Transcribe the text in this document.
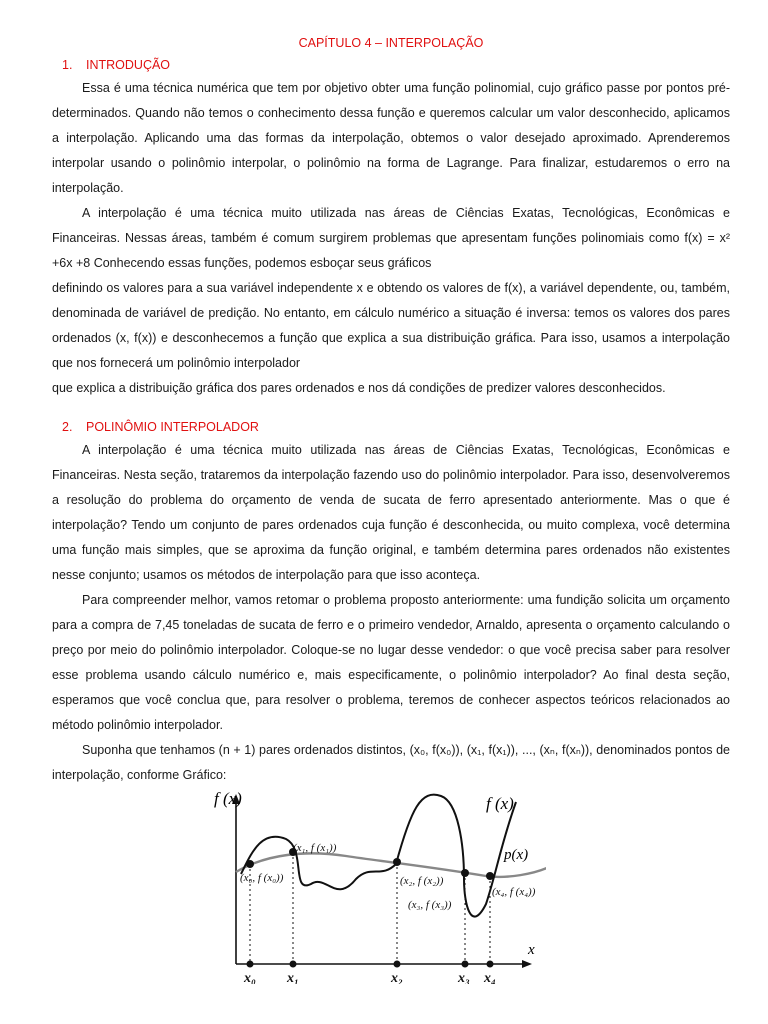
CAPÍTULO 4 – INTERPOLAÇÃO
1.	INTRODUÇÃO

Essa é uma técnica numérica que tem por objetivo obter uma função polinomial, cujo gráfico passe por pontos pré-determinados. Quando não temos o conhecimento dessa função e queremos calcular um valor desconhecido, aplicamos a interpolação. Aplicando uma das formas da interpolação, obtemos o valor desejado aproximado. Aprenderemos interpolar usando o polinômio interpolar, o polinômio na forma de Lagrange. Para finalizar, estudaremos o erro na interpolação.

A interpolação é uma técnica muito utilizada nas áreas de Ciências Exatas, Tecnológicas, Econômicas e Financeiras. Nessas áreas, também é comum surgirem problemas que apresentam funções polinomiais como f(x) = x² +6x +8 Conhecendo essas funções, podemos esboçar seus gráficos

definindo os valores para a sua variável independente x e obtendo os valores de f(x), a variável dependente, ou, também, denominada de variável de predição. No entanto, em cálculo numérico a situação é inversa: temos os valores dos pares ordenados (x, f(x)) e desconhecemos a função que explica a sua distribuição gráfica. Para isso, usamos a interpolação que nos fornecerá um polinômio interpolador

que explica a distribuição gráfica dos pares ordenados e nos dá condições de predizer valores desconhecidos.

2.	POLINÔMIO INTERPOLADOR

A interpolação é uma técnica muito utilizada nas áreas de Ciências Exatas, Tecnológicas, Econômicas e Financeiras. Nesta seção, trataremos da interpolação fazendo uso do polinômio interpolador. Para isso, desenvolveremos a resolução do problema do orçamento de venda de sucata de ferro apresentado anteriormente. Mas o que é interpolação? Tendo um conjunto de pares ordenados cuja função é desconhecida, ou muito complexa, você determina uma função mais simples, que se aproxima da função original, e também determina pares ordenados não existentes nesse conjunto; usamos os métodos de interpolação para que isso aconteça.

Para compreender melhor, vamos retomar o problema proposto anteriormente: uma fundição solicita um orçamento para a compra de 7,45 toneladas de sucata de ferro e o primeiro vendedor, Arnaldo, apresenta o orçamento calculando o preço por meio do polinômio interpolador. Coloque-se no lugar desse vendedor: o que você precisa saber para resolver esse problema usando cálculo numérico e, mais especificamente, o polinômio interpolador? Ao final desta seção, esperamos que você conclua que, para resolver o problema, teremos de conhecer aspectos teóricos relacionados ao método polinômio interpolador.

Suponha que tenhamos (n + 1) pares ordenados distintos, (x₀, f(x₀)), (x₁, f(x₁)), ..., (xₙ, f(xₙ)), denominados pontos de interpolação, conforme Gráfico:

f (x)
x
f (x)
p(x)
(x₀, f (x₀))
(x₁, f (x₁))
(x₂, f (x₂))
(x₃, f (x₃))
(x₄, f (x₄))
x₀ x₁	x₂	x₃ x₄
